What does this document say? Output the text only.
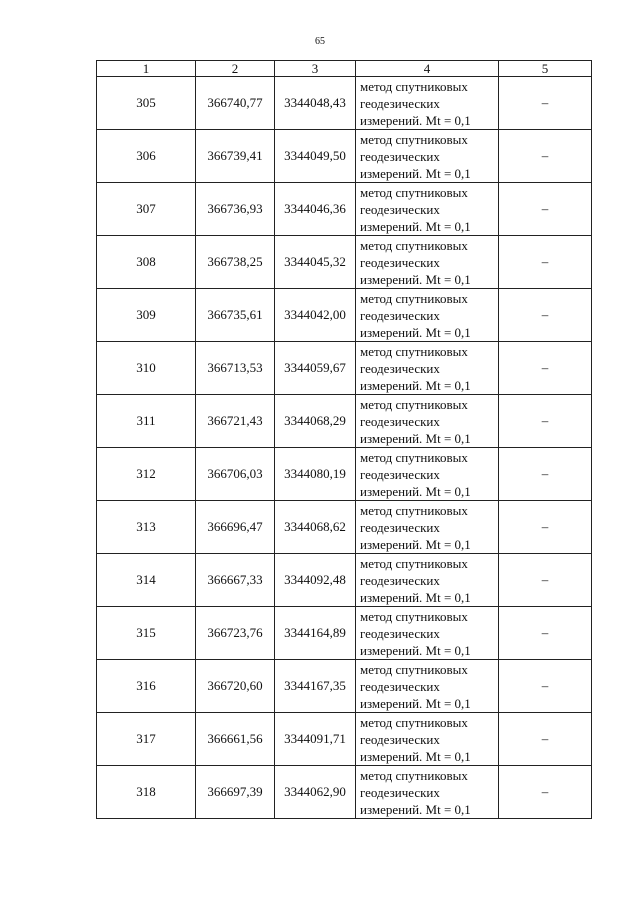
65
1	2	3	4	5
305	366740,77	3344048,43	метод спутниковых
геодезических
измерений. Mt = 0,1	–
306	366739,41	3344049,50	метод спутниковых
геодезических
измерений. Mt = 0,1	–
307	366736,93	3344046,36	метод спутниковых
геодезических
измерений. Mt = 0,1	–
308	366738,25	3344045,32	метод спутниковых
геодезических
измерений. Mt = 0,1	–
309	366735,61	3344042,00	метод спутниковых
геодезических
измерений. Mt = 0,1	–
310	366713,53	3344059,67	метод спутниковых
геодезических
измерений. Mt = 0,1	–
311	366721,43	3344068,29	метод спутниковых
геодезических
измерений. Mt = 0,1	–
312	366706,03	3344080,19	метод спутниковых
геодезических
измерений. Mt = 0,1	–
313	366696,47	3344068,62	метод спутниковых
геодезических
измерений. Mt = 0,1	–
314	366667,33	3344092,48	метод спутниковых
геодезических
измерений. Mt = 0,1	–
315	366723,76	3344164,89	метод спутниковых
геодезических
измерений. Mt = 0,1	–
316	366720,60	3344167,35	метод спутниковых
геодезических
измерений. Mt = 0,1	–
317	366661,56	3344091,71	метод спутниковых
геодезических
измерений. Mt = 0,1	–
318	366697,39	3344062,90	метод спутниковых
геодезических
измерений. Mt = 0,1	–
